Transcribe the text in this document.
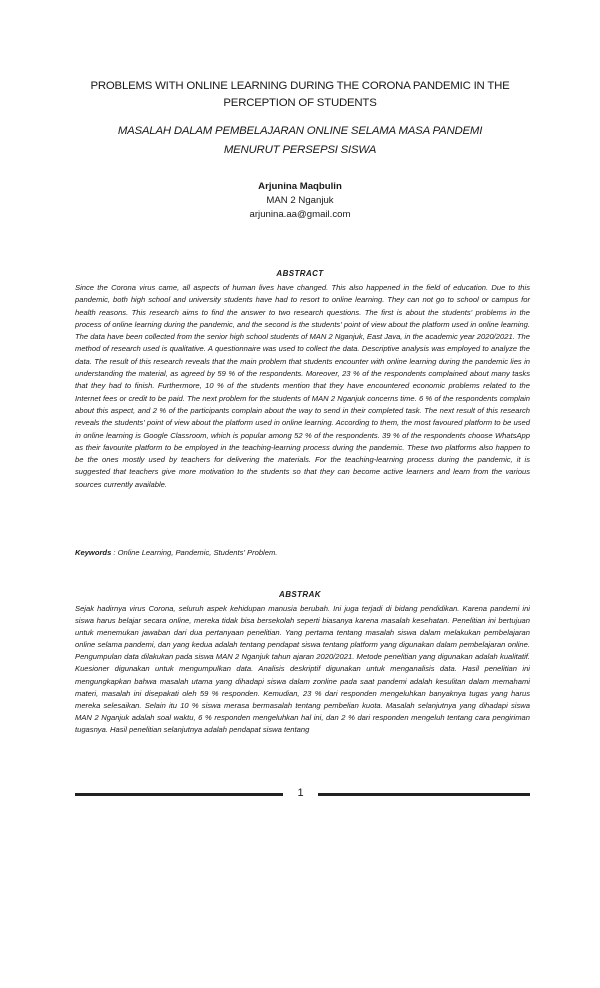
PROBLEMS WITH ONLINE LEARNING DURING THE CORONA PANDEMIC IN THE PERCEPTION OF STUDENTS
MASALAH DALAM PEMBELAJARAN ONLINE SELAMA MASA PANDEMI MENURUT PERSEPSI SISWA
Arjunina Maqbulin
MAN 2 Nganjuk
arjunina.aa@gmail.com
ABSTRACT

Since the Corona virus came, all aspects of human lives have changed. This also happened in the field of education. Due to this pandemic, both high school and university students have had to resort to online learning. They can not go to school or campus for health reasons. This research aims to find the answer to two research questions. The first is about the students' problems in the process of online learning during the pandemic, and the second is the students' point of view about the platform used in online learning. The data have been collected from the senior high school students of MAN 2 Nganjuk, East Java, in the academic year 2020/2021. The method of research used is qualitative. A questionnaire was used to collect the data. Descriptive analysis was employed to analyze the data. The result of this research reveals that the main problem that students encounter with online learning during the pandemic lies in understanding the material, as agreed by 59 % of the respondents. Moreover, 23 % of the respondents complained about many tasks that they had to finish. Furthermore, 10 % of the students mention that they have encountered economic problems related to the Internet fees or credit to be paid. The next problem for the students of MAN 2 Nganjuk concerns time. 6 % of the respondents complain about this aspect, and 2 % of the participants complain about the way to send in their completed task. The next result of this research reveals the students' point of view about the platform used in online learning. According to them, the most favoured platform to be used in online learning is Google Classroom, which is popular among 52 % of the respondents. 39 % of the respondents choose WhatsApp as their favourite platform to be employed in the teaching-learning process during the pandemic. These two platforms also happen to be the ones mostly used by teachers for delivering the materials. For the teaching-learning process during the pandemic, it is suggested that teachers give more motivation to the students so that they can become active learners and learn from the various sources currently available.

Keywords : Online Learning, Pandemic, Students' Problem.
ABSTRAK

Sejak hadirnya virus Corona, seluruh aspek kehidupan manusia berubah. Ini juga terjadi di bidang pendidikan. Karena pandemi ini siswa harus belajar secara online, mereka tidak bisa bersekolah seperti biasanya karena masalah kesehatan. Penelitian ini bertujuan untuk menemukan jawaban dari dua pertanyaan penelitian. Yang pertama tentang masalah siswa dalam melakukan pembelajaran online selama pandemi, dan yang kedua adalah tentang pendapat siswa tentang platform yang digunakan dalam pembelajaran online. Pengumpulan data dilakukan pada siswa MAN 2 Nganjuk tahun ajaran 2020/2021. Metode penelitian yang digunakan adalah kualitatif. Kuesioner digunakan untuk mengumpulkan data. Analisis deskriptif digunakan untuk menganalisis data. Hasil penelitian ini mengungkapkan bahwa masalah utama yang dihadapi siswa dalam zonline pada saat pandemi adalah kesulitan dalam memahami materi, masalah ini disepakati oleh 59 % responden. Kemudian, 23 % dari responden mengeluhkan banyaknya tugas yang harus mereka selesaikan. Selain itu 10 % siswa merasa bermasalah tentang pembelian kuota. Masalah selanjutnya yang dihadapi siswa MAN 2 Nganjuk adalah soal waktu, 6 % responden mengeluhkan hal ini, dan 2 % dari responden mengeluh tentang cara pengiriman tugasnya. Hasil penelitian selanjutnya adalah pendapat siswa tentang

1
